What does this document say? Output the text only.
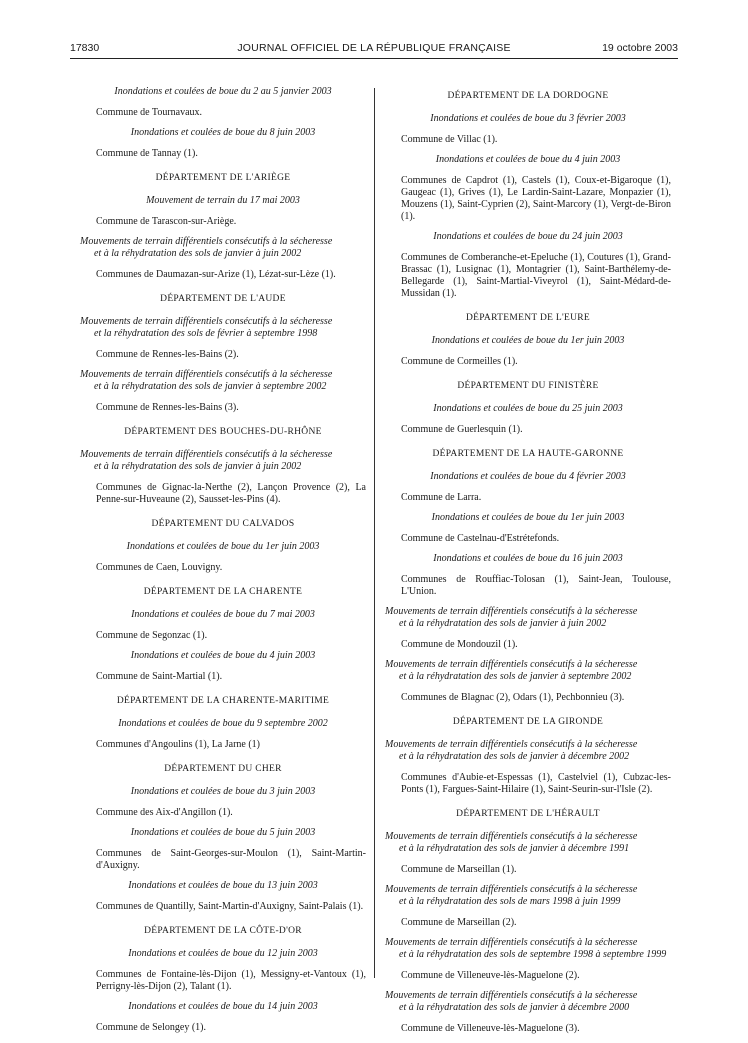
17830	JOURNAL OFFICIEL DE LA RÉPUBLIQUE FRANÇAISE	19 octobre 2003
Inondations et coulées de boue du 2 au 5 janvier 2003
Commune de Tournavaux.
Inondations et coulées de boue du 8 juin 2003
Commune de Tannay (1).
DÉPARTEMENT DE L'ARIÈGE
Mouvement de terrain du 17 mai 2003
Commune de Tarascon-sur-Ariège.
Mouvements de terrain différentiels consécutifs à la sécheresse
et à la réhydratation des sols de janvier à juin 2002
Communes de Daumazan-sur-Arize (1), Lézat-sur-Lèze (1).
DÉPARTEMENT DE L'AUDE
Mouvements de terrain différentiels consécutifs à la sécheresse
et la réhydratation des sols de février à septembre 1998
Commune de Rennes-les-Bains (2).
Mouvements de terrain différentiels consécutifs à la sécheresse
et à la réhydratation des sols de janvier à septembre 2002
Commune de Rennes-les-Bains (3).
DÉPARTEMENT DES BOUCHES-DU-RHÔNE
Mouvements de terrain différentiels consécutifs à la sécheresse
et à la réhydratation des sols de janvier à juin 2002
Communes de Gignac-la-Nerthe (2), Lançon Provence (2), La Penne-sur-Huveaune (2), Sausset-les-Pins (4).
DÉPARTEMENT DU CALVADOS
Inondations et coulées de boue du 1er juin 2003
Communes de Caen, Louvigny.
DÉPARTEMENT DE LA CHARENTE
Inondations et coulées de boue du 7 mai 2003
Commune de Segonzac (1).
Inondations et coulées de boue du 4 juin 2003
Commune de Saint-Martial (1).
DÉPARTEMENT DE LA CHARENTE-MARITIME
Inondations et coulées de boue du 9 septembre 2002
Communes d'Angoulins (1), La Jarne (1)
DÉPARTEMENT DU CHER
Inondations et coulées de boue du 3 juin 2003
Commune des Aix-d'Angillon (1).
Inondations et coulées de boue du 5 juin 2003
Communes de Saint-Georges-sur-Moulon (1), Saint-Martin-d'Auxigny.
Inondations et coulées de boue du 13 juin 2003
Communes de Quantilly, Saint-Martin-d'Auxigny, Saint-Palais (1).
DÉPARTEMENT DE LA CÔTE-D'OR
Inondations et coulées de boue du 12 juin 2003
Communes de Fontaine-lès-Dijon (1), Messigny-et-Vantoux (1), Perrigny-lès-Dijon (2), Talant (1).
Inondations et coulées de boue du 14 juin 2003
Commune de Selongey (1).
DÉPARTEMENT DE LA DORDOGNE
Inondations et coulées de boue du 3 février 2003
Commune de Villac (1).
Inondations et coulées de boue du 4 juin 2003
Communes de Capdrot (1), Castels (1), Coux-et-Bigaroque (1), Gaugeac (1), Grives (1), Le Lardin-Saint-Lazare, Monpazier (1), Mouzens (1), Saint-Cyprien (2), Saint-Marcory (1), Vergt-de-Biron (1).
Inondations et coulées de boue du 24 juin 2003
Communes de Comberanche-et-Epeluche (1), Coutures (1), Grand-Brassac (1), Lusignac (1), Montagrier (1), Saint-Barthélemy-de-Bellegarde (1), Saint-Martial-Viveyrol (1), Saint-Médard-de-Mussidan (1).
DÉPARTEMENT DE L'EURE
Inondations et coulées de boue du 1er juin 2003
Commune de Cormeilles (1).
DÉPARTEMENT DU FINISTÈRE
Inondations et coulées de boue du 25 juin 2003
Commune de Guerlesquin (1).
DÉPARTEMENT DE LA HAUTE-GARONNE
Inondations et coulées de boue du 4 février 2003
Commune de Larra.
Inondations et coulées de boue du 1er juin 2003
Commune de Castelnau-d'Estrétefonds.
Inondations et coulées de boue du 16 juin 2003
Communes de Rouffiac-Tolosan (1), Saint-Jean, Toulouse, L'Union.
Mouvements de terrain différentiels consécutifs à la sécheresse
et à la réhydratation des sols de janvier à juin 2002
Commune de Mondouzil (1).
Mouvements de terrain différentiels consécutifs à la sécheresse
et à la réhydratation des sols de janvier à septembre 2002
Communes de Blagnac (2), Odars (1), Pechbonnieu (3).
DÉPARTEMENT DE LA GIRONDE
Mouvements de terrain différentiels consécutifs à la sécheresse
et à la réhydratation des sols de janvier à décembre 2002
Communes d'Aubie-et-Espessas (1), Castelviel (1), Cubzac-les-Ponts (1), Fargues-Saint-Hilaire (1), Saint-Seurin-sur-l'Isle (2).
DÉPARTEMENT DE L'HÉRAULT
Mouvements de terrain différentiels consécutifs à la sécheresse
et à la réhydratation des sols de janvier à décembre 1991
Commune de Marseillan (1).
Mouvements de terrain différentiels consécutifs à la sécheresse
et à la réhydratation des sols de mars 1998 à juin 1999
Commune de Marseillan (2).
Mouvements de terrain différentiels consécutifs à la sécheresse
et à la réhydratation des sols de septembre 1998 à septembre 1999
Commune de Villeneuve-lès-Maguelone (2).
Mouvements de terrain différentiels consécutifs à la sécheresse
et à la réhydratation des sols de janvier à décembre 2000
Commune de Villeneuve-lès-Maguelone (3).
